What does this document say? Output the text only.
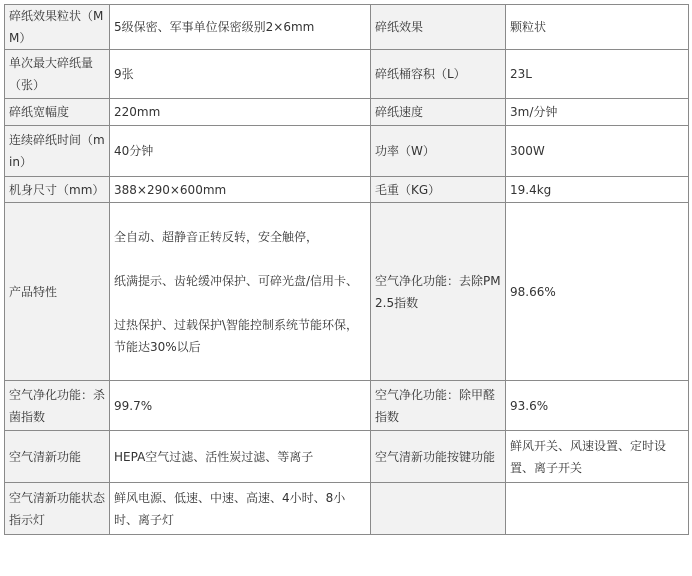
碎纸效果粒状（MM）	5级保密、军事单位保密级别2×6mm	碎纸效果	颗粒状
单次最大碎纸量（张）	9张	碎纸桶容积（L）	23L
碎纸宽幅度	220mm	碎纸速度	3m/分钟
连续碎纸时间（min）	40分钟	功率（W）	300W
机身尺寸（mm）	388×290×600mm	毛重（KG）	19.4kg
产品特性	全自动、超静音正转反转，安全触停，
纸满提示、齿轮缓冲保护、可碎光盘/信用卡、
过热保护、过载保护\智能控制系统节能环保，节能达30%以后	空气净化功能：去除PM2.5指数	98.66%
空气净化功能：杀菌指数	99.7%	空气净化功能：除甲醛指数	93.6%
空气清新功能	HEPA空气过滤、活性炭过滤、等离子	空气清新功能按键功能	鲜风开关、风速设置、定时设置、离子开关
空气清新功能状态指示灯	鲜风电源、低速、中速、高速、4小时、8小时、离子灯		
